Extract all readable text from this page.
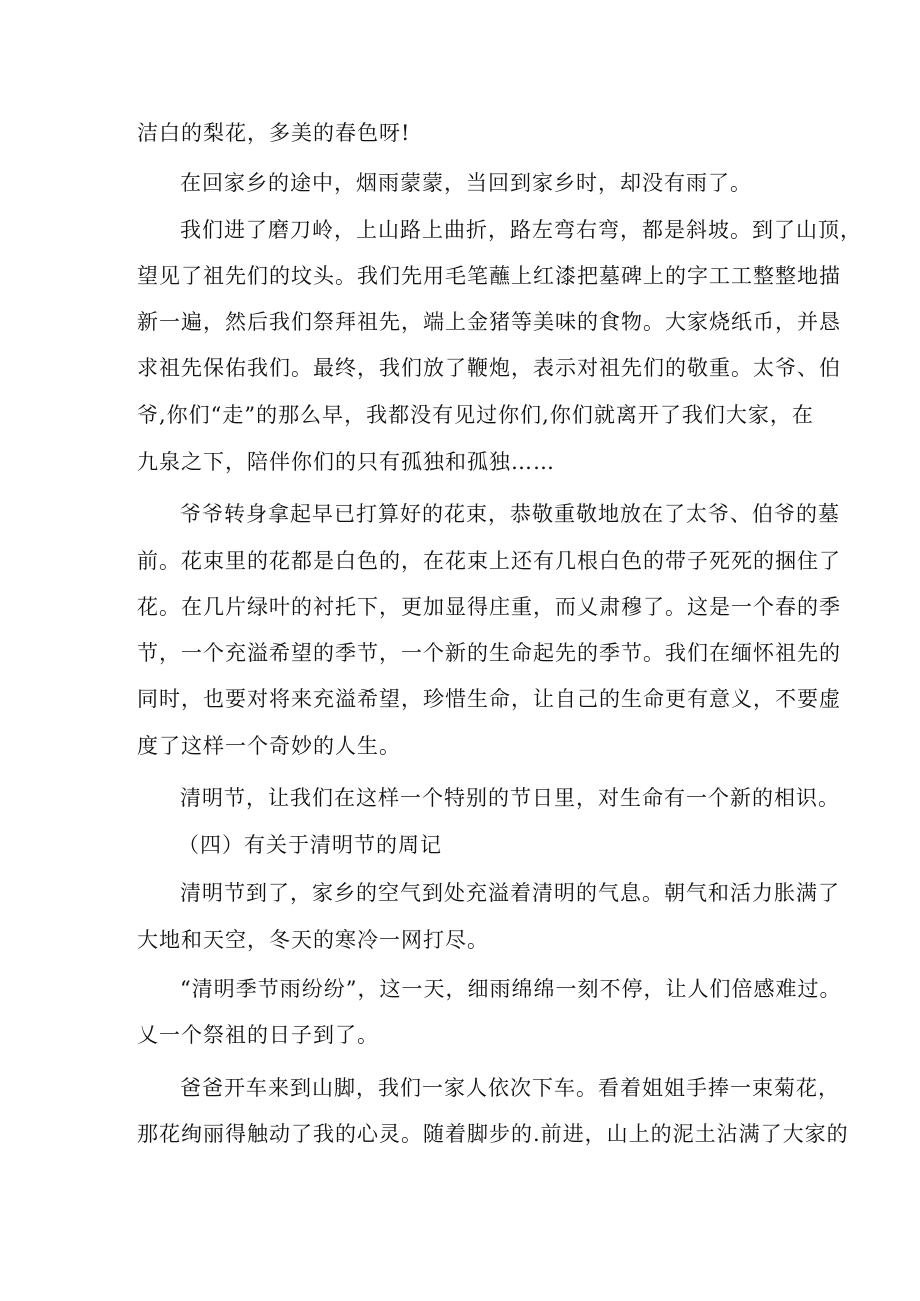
洁白的梨花，多美的春色呀!
在回家乡的途中，烟雨蒙蒙，当回到家乡时，却没有雨了。
我们进了磨刀岭，上山路上曲折，路左弯右弯，都是斜坡。到了山顶，
望见了祖先们的坟头。我们先用毛笔蘸上红漆把墓碑上的字工工整整地描
新一遍，然后我们祭拜祖先，端上金猪等美味的食物。大家烧纸币，并恳
求祖先保佑我们。最终，我们放了鞭炮，表示对祖先们的敬重。太爷、伯
爷,你们“走”的那么早，我都没有见过你们,你们就离开了我们大家，在
九泉之下，陪伴你们的只有孤独和孤独……
爷爷转身拿起早已打算好的花束，恭敬重敬地放在了太爷、伯爷的墓
前。花束里的花都是白色的，在花束上还有几根白色的带子死死的捆住了
花。在几片绿叶的衬托下，更加显得庄重，而乂肃穆了。这是一个春的季
节，一个充溢希望的季节，一个新的生命起先的季节。我们在缅怀祖先的
同时，也要对将来充溢希望，珍惜生命，让自己的生命更有意义，不要虚
度了这样一个奇妙的人生。
清明节，让我们在这样一个特别的节日里，对生命有一个新的相识。
（四）有关于清明节的周记
清明节到了，家乡的空气到处充溢着清明的气息。朝气和活力胀满了
大地和天空，冬天的寒冷一网打尽。
“清明季节雨纷纷”，这一天，细雨绵绵一刻不停，让人们倍感难过。
乂一个祭祖的日子到了。
爸爸开车来到山脚，我们一家人依次下车。看着姐姐手捧一束菊花，
那花绚丽得触动了我的心灵。随着脚步的.前进，山上的泥土沾满了大家的
